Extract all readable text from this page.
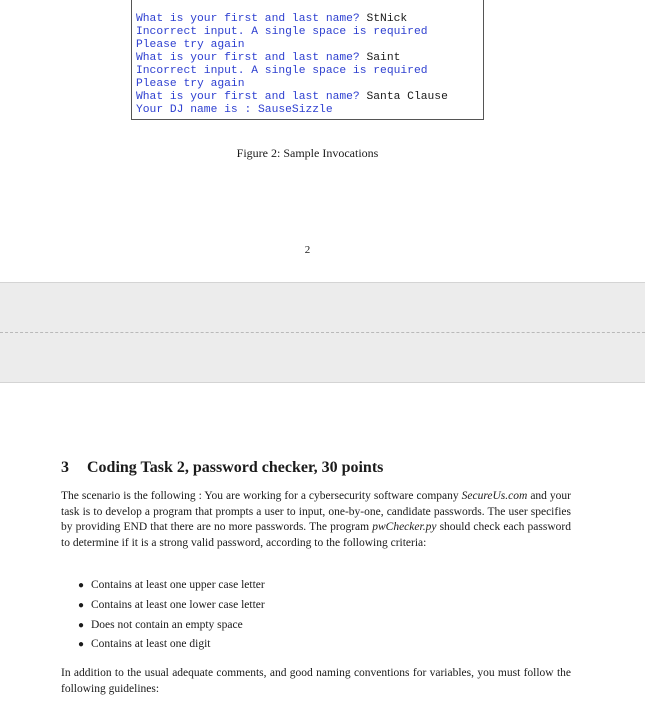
What is your first and last name? StNick
Incorrect input. A single space is required
Please try again
What is your first and last name? Saint
Incorrect input. A single space is required
Please try again
What is your first and last name? Santa Clause
Your DJ name is : SauseSizzle
Figure 2: Sample Invocations
2
3 Coding Task 2, password checker, 30 points
The scenario is the following : You are working for a cybersecurity software company SecureUs.com and your task is to develop a program that prompts a user to input, one-by-one, candidate passwords. The user specifies by providing END that there are no more passwords. The program pwChecker.py should check each password to determine if it is a strong valid password, according to the following criteria:
● Contains at least one upper case letter
● Contains at least one lower case letter
● Does not contain an empty space
● Contains at least one digit
In addition to the usual adequate comments, and good naming conventions for variables, you must follow the following guidelines:
